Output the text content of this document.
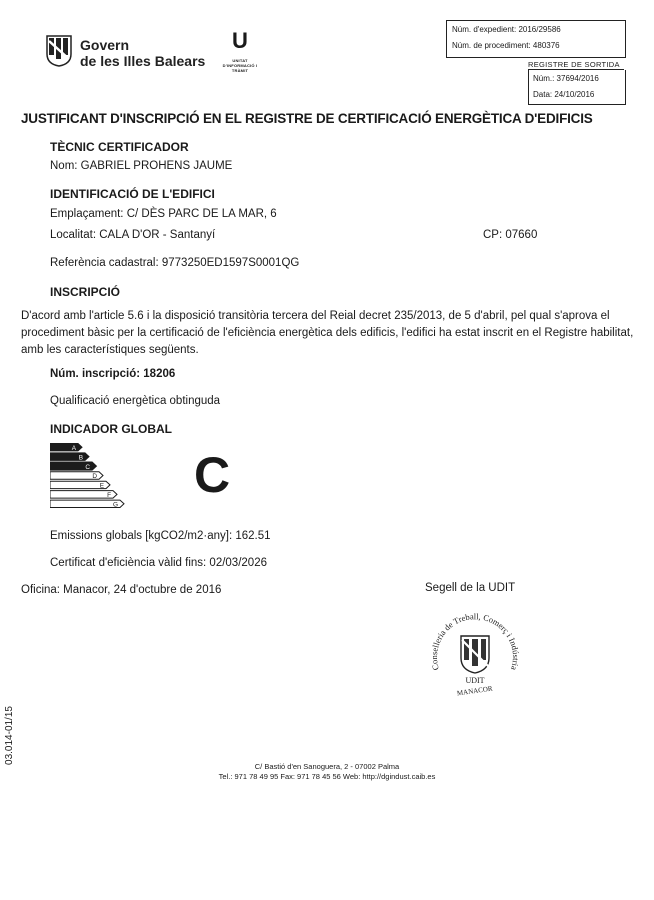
Govern
de les Illes Balears
U
UNITAT
D'INFORMACIÓ I TRÀMIT
Núm. d'expedient: 2016/29586
Núm. de procediment: 480376
REGISTRE DE SORTIDA
Núm.: 37694/2016
Data: 24/10/2016
JUSTIFICANT D'INSCRIPCIÓ EN EL REGISTRE DE CERTIFICACIÓ ENERGÈTICA D'EDIFICIS
TÈCNIC CERTIFICADOR
Nom: GABRIEL PROHENS JAUME
IDENTIFICACIÓ DE L'EDIFICI
Emplaçament: C/ DÈS PARC DE LA MAR, 6
Localitat: CALA D'OR - Santanyí	CP: 07660
Referència cadastral: 9773250ED1597S0001QG
INSCRIPCIÓ
D'acord amb l'article 5.6 i la disposició transitòria tercera del Reial decret 235/2013, de 5 d'abril, pel qual s'aprova el procediment bàsic per la certificació de l'eficiència energètica dels edificis, l'edifici ha estat inscrit en el Registre habilitat, amb les característiques següents.
Núm. inscripció: 18206
Qualificació energètica obtinguda
INDICADOR GLOBAL
A
B
C
D
E
F
G
C
Emissions globals [kgCO2/m2·any]: 162.51
Certificat d'eficiència vàlid fins: 02/03/2026
Oficina: Manacor, 24 d'octubre de 2016	Segell de la UDIT
Conselleria de Treball, Comerç i Indústria
UDIT
MANACOR
03.014-01/15
C/ Bastió d'en Sanoguera, 2 - 07002 Palma
Tel.: 971 78 49 95 Fax: 971 78 45 56 Web: http://dgindust.caib.es
